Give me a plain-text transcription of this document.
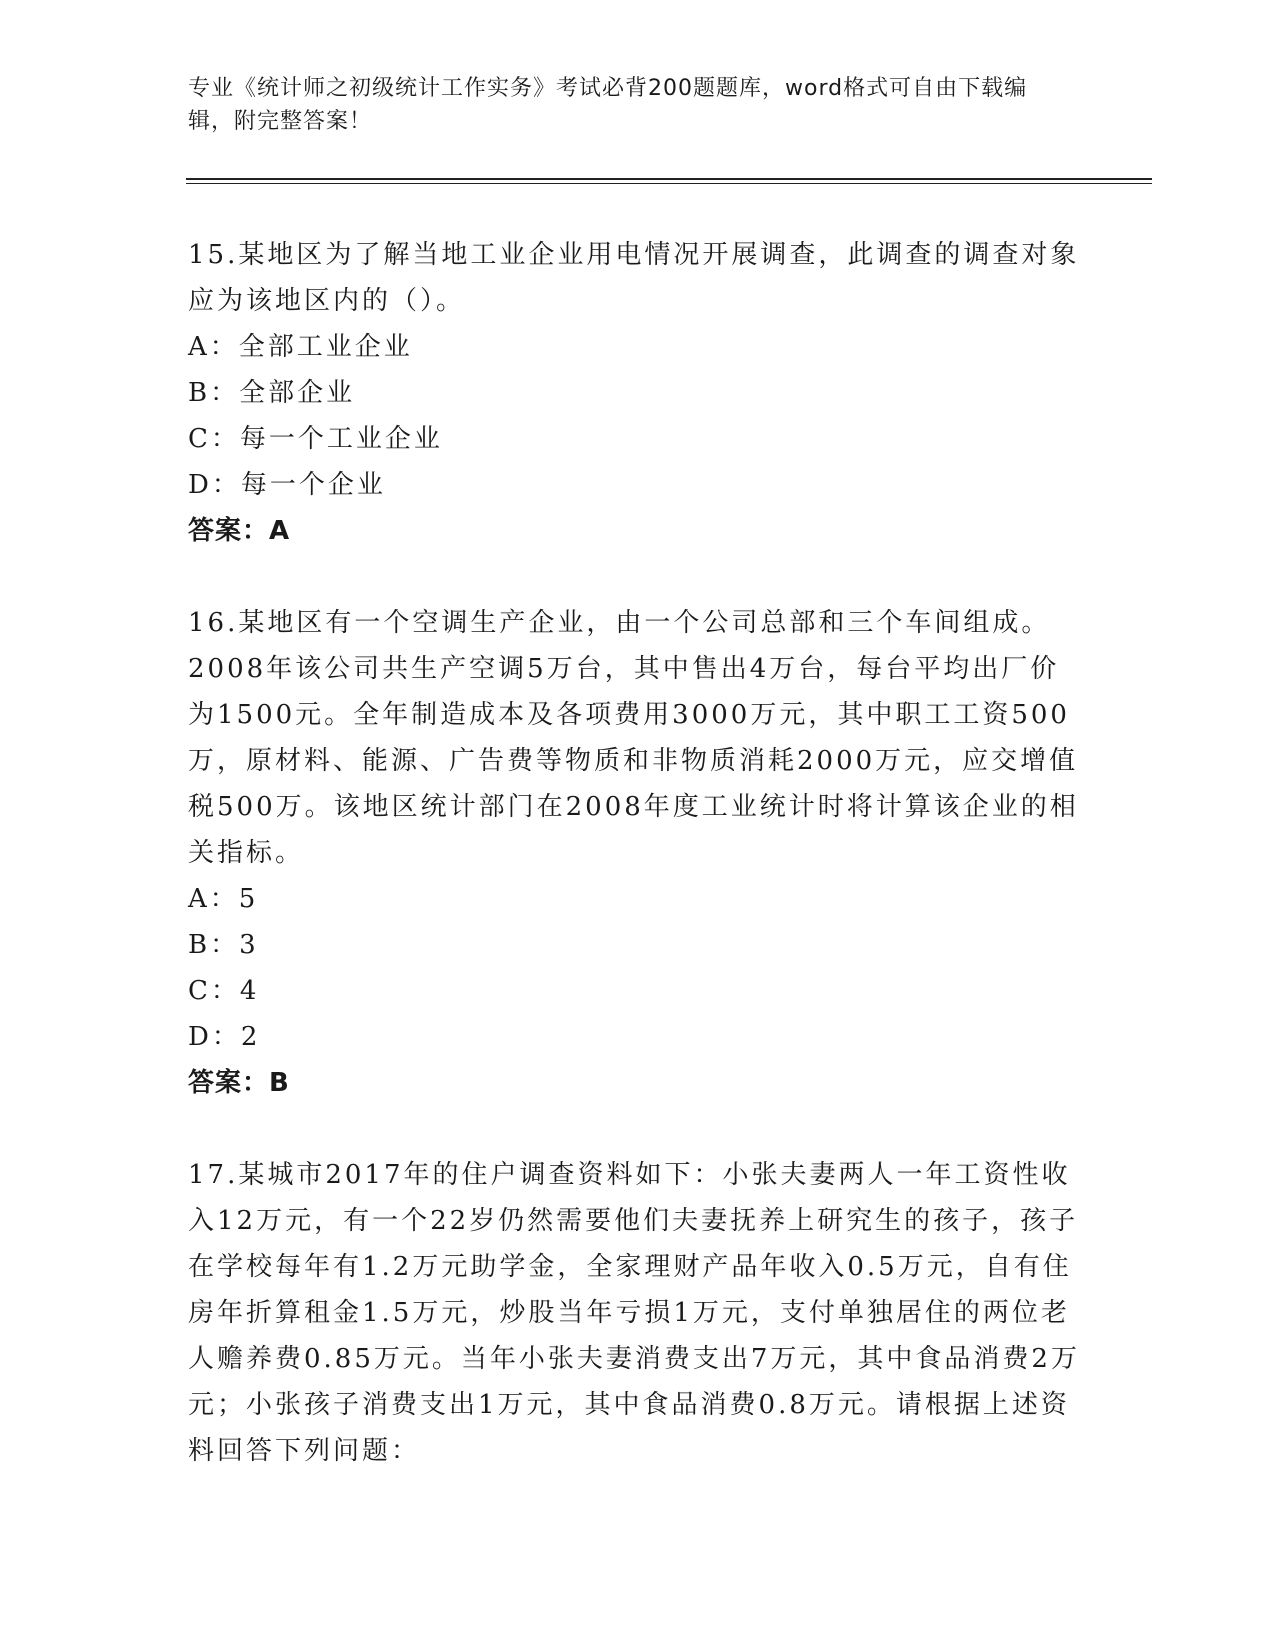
专业《统计师之初级统计工作实务》考试必背200题题库，word格式可自由下载编辑，附完整答案！

15.某地区为了解当地工业企业用电情况开展调查，此调查的调查对象应为该地区内的（）。

A：全部工业企业

B：全部企业

C：每一个工业企业

D：每一个企业

答案：A

16.某地区有一个空调生产企业，由一个公司总部和三个车间组成。2008年该公司共生产空调5万台，其中售出4万台，每台平均出厂价为1500元。全年制造成本及各项费用3000万元，其中职工工资500万，原材料、能源、广告费等物质和非物质消耗2000万元，应交增值税500万。该地区统计部门在2008年度工业统计时将计算该企业的相关指标。

A：5

B：3

C：4

D：2

答案：B

17.某城市2017年的住户调查资料如下：小张夫妻两人一年工资性收入12万元，有一个22岁仍然需要他们夫妻抚养上研究生的孩子，孩子在学校每年有1.2万元助学金，全家理财产品年收入0.5万元，自有住房年折算租金1.5万元，炒股当年亏损1万元，支付单独居住的两位老人赡养费0.85万元。当年小张夫妻消费支出7万元，其中食品消费2万元；小张孩子消费支出1万元，其中食品消费0.8万元。请根据上述资料回答下列问题：
